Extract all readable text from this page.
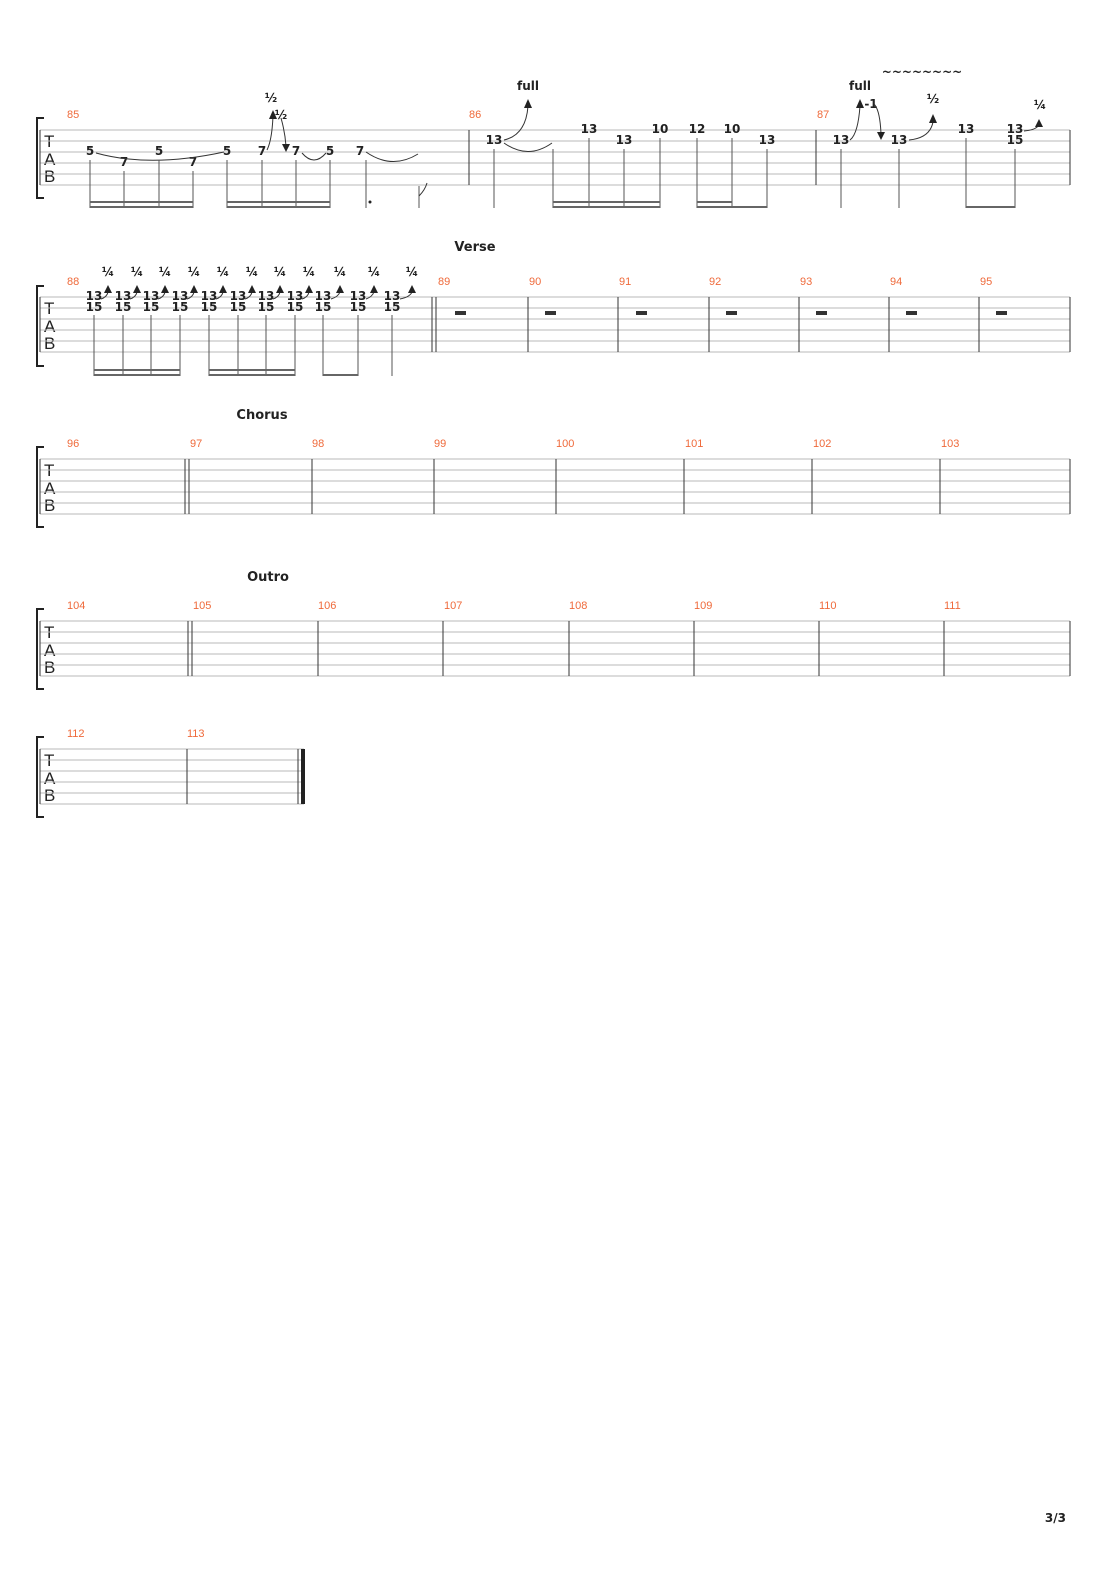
T
A
B
85	86	87
5
7
5
7
5 7 7 5 7
½
½
13
13
13
10 12 10
13
full
13
-1
13
13	13
15
full
½	¼
~~~~~~~~
Verse
T
A
B
88	89	90	91	92	93	94	95
13
15
¼
13
15
¼
13
15
¼
13
15
¼
13
15
¼
13
15
¼
13
15
¼
13
15
¼
13
15
¼
13
15
¼
13
15
¼
Chorus
T
A
B
96	97	98	99	100	101	102	103
Outro
T
A
B
104	105	106	107	108	109	110	111
T
A
B
112	113
3/3
